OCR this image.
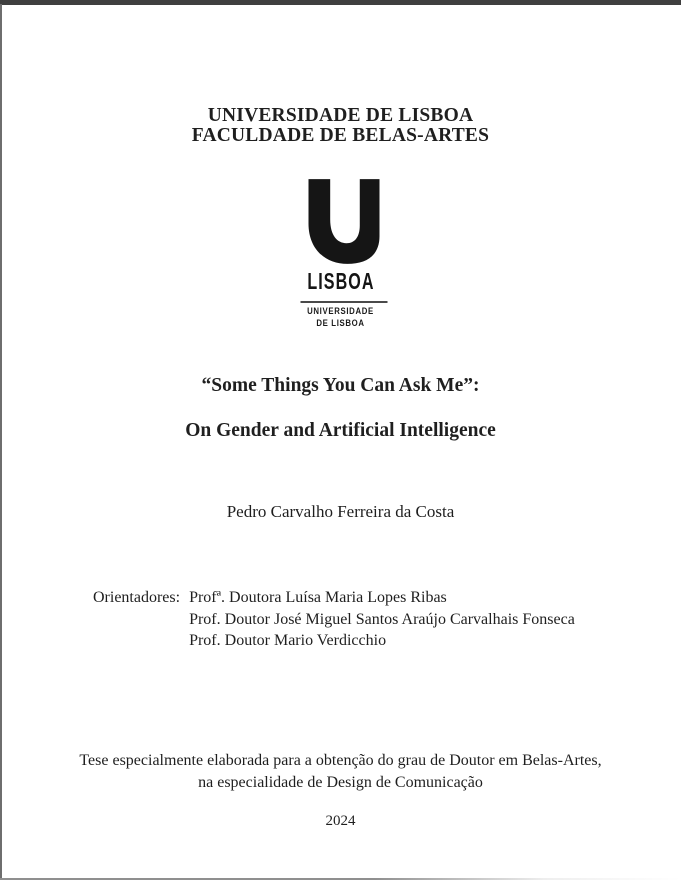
UNIVERSIDADE DE LISBOA
FACULDADE DE BELAS-ARTES
LISBOA
UNIVERSIDADE
DE LISBOA
“Some Things You Can Ask Me”:
On Gender and Artificial Intelligence
Pedro Carvalho Ferreira da Costa
Orientadores: Profª. Doutora Luísa Maria Lopes Ribas
Prof. Doutor José Miguel Santos Araújo Carvalhais Fonseca
Prof. Doutor Mario Verdicchio
Tese especialmente elaborada para a obtenção do grau de Doutor em Belas-Artes,
na especialidade de Design de Comunicação
2024
